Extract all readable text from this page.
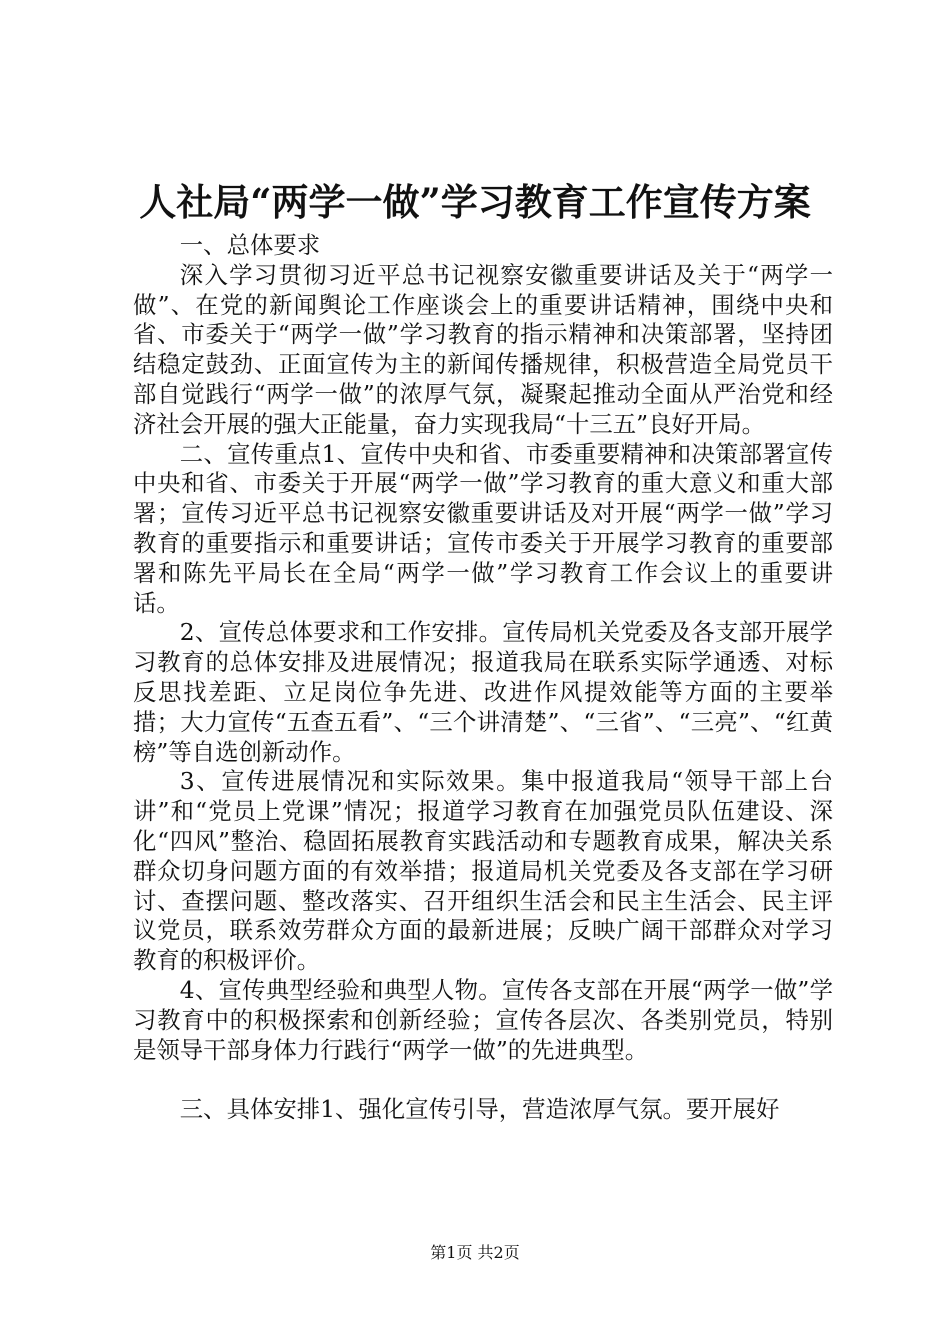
人社局“两学一做”学习教育工作宣传方案

一、总体要求

深入学习贯彻习近平总书记视察安徽重要讲话及关于“两学一做”、在党的新闻舆论工作座谈会上的重要讲话精神，围绕中央和省、市委关于“两学一做”学习教育的指示精神和决策部署，坚持团结稳定鼓劲、正面宣传为主的新闻传播规律，积极营造全局党员干部自觉践行“两学一做”的浓厚气氛，凝聚起推动全面从严治党和经济社会开展的强大正能量，奋力实现我局“十三五”良好开局。

二、宣传重点1、宣传中央和省、市委重要精神和决策部署宣传中央和省、市委关于开展“两学一做”学习教育的重大意义和重大部署；宣传习近平总书记视察安徽重要讲话及对开展“两学一做”学习教育的重要指示和重要讲话；宣传市委关于开展学习教育的重要部署和陈先平局长在全局“两学一做”学习教育工作会议上的重要讲话。

2、宣传总体要求和工作安排。宣传局机关党委及各支部开展学习教育的总体安排及进展情况；报道我局在联系实际学通透、对标反思找差距、立足岗位争先进、改进作风提效能等方面的主要举措；大力宣传“五查五看”、“三个讲清楚”、“三省”、“三亮”、“红黄榜”等自选创新动作。

3、宣传进展情况和实际效果。集中报道我局“领导干部上台讲”和“党员上党课”情况；报道学习教育在加强党员队伍建设、深化“四风”整治、稳固拓展教育实践活动和专题教育成果，解决关系群众切身问题方面的有效举措；报道局机关党委及各支部在学习研讨、查摆问题、整改落实、召开组织生活会和民主生活会、民主评议党员，联系效劳群众方面的最新进展；反映广阔干部群众对学习教育的积极评价。

4、宣传典型经验和典型人物。宣传各支部在开展“两学一做”学习教育中的积极探索和创新经验；宣传各层次、各类别党员，特别是领导干部身体力行践行“两学一做”的先进典型。

三、具体安排1、强化宣传引导，营造浓厚气氛。要开展好

第1页 共2页
